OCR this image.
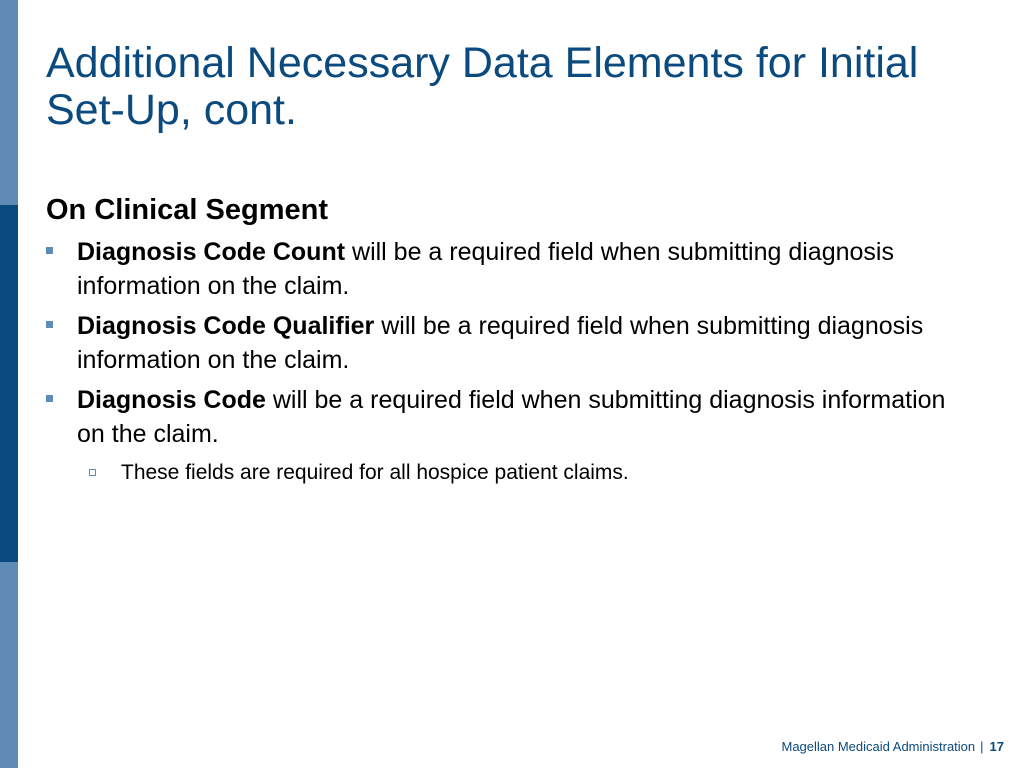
Additional Necessary Data Elements for Initial Set-Up, cont.
On Clinical Segment
Diagnosis Code Count will be a required field when submitting diagnosis information on the claim.
Diagnosis Code Qualifier will be a required field when submitting diagnosis information on the claim.
Diagnosis Code will be a required field when submitting diagnosis information on the claim.
These fields are required for all hospice patient claims.
Magellan Medicaid Administration | 17
